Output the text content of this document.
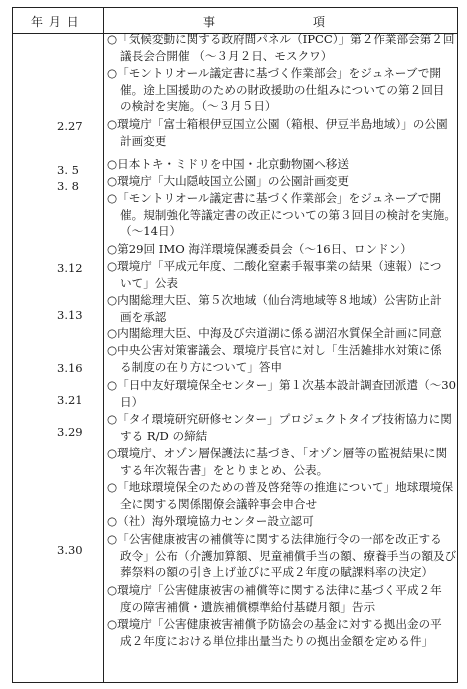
年 月 日	事	項
2.27
3. 5
3. 8
3.12
3.13
3.16
3.21
3.29
3.30
○「気候変動に関する政府間パネル（IPCC）」第２作業部会第２回
議長会合開催 （～３月２日、モスクワ）
○「モントリオール議定書に基づく作業部会」をジュネーブで開
催。途上国援助のための財政援助の仕組みについての第２回目
の検討を実施。（～３月５日）
○環境庁「富士箱根伊豆国立公園（箱根、伊豆半島地域）」の公園
計画変更
○日本トキ・ミドリを中国・北京動物園へ移送
○環境庁「大山隠岐国立公園」の公園計画変更
○「モントリオール議定書に基づく作業部会」をジュネーブで開
催。規制強化等議定書の改正についての第３回目の検討を実施。
（～14日）
○第29回 IMO 海洋環境保護委員会（～16日、ロンドン）
○環境庁「平成元年度、二酸化窒素手報事業の結果（速報）につ
いて」公表
○内閣総理大臣、第５次地域（仙台湾地域等８地域）公害防止計
画を承認
○内閣総理大臣、中海及び宍道湖に係る湖沼水質保全計画に同意
○中央公害対策審議会、環境庁長官に対し「生活雑排水対策に係
る制度の在り方について」答申
○「日中友好環境保全センター」第１次基本設計調査団派遣（～30
日）
○「タイ環境研究研修センター」プロジェクトタイプ技術協力に関
する R/D の締結
○環境庁、オゾン層保護法に基づき、「オゾン層等の監視結果に関
する年次報告書」をとりまとめ、公表。
○「地球環境保全のための普及啓発等の推進について」地球環境保
全に関する関係閣僚会議幹事会申合せ
○（社）海外環境協力センター設立認可
○「公害健康被害の補償等に関する法律施行令の一部を改正する
政令」公布（介護加算額、児童補償手当の額、療養手当の額及び
葬祭料の額の引き上げ並びに平成２年度の賦課料率の決定）
○環境庁「公害健康被害の補償等に関する法律に基づく平成２年
度の障害補償・遺族補償標準給付基礎月額」告示
○環境庁「公害健康被害補償予防協会の基金に対する拠出金の平
成２年度における単位排出量当たりの拠出金額を定める件」
